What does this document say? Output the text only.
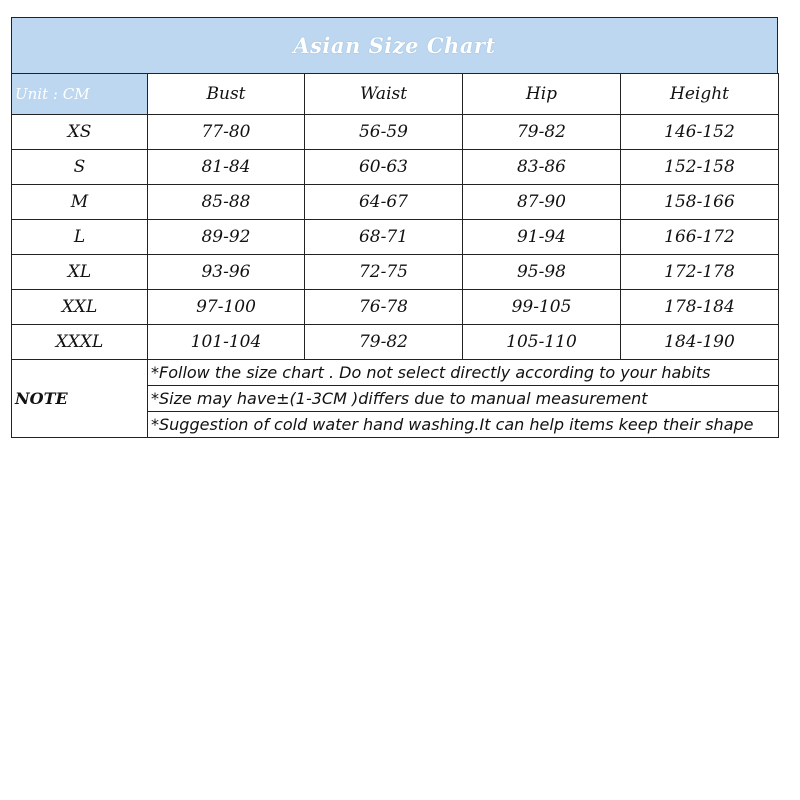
Asian Size Chart
Unit : CM	Bust	Waist	Hip	Height
XS	77-80	56-59	79-82	146-152
S	81-84	60-63	83-86	152-158
M	85-88	64-67	87-90	158-166
L	89-92	68-71	91-94	166-172
XL	93-96	72-75	95-98	172-178
XXL	97-100	76-78	99-105	178-184
XXXL	101-104	79-82	105-110	184-190
NOTE	*Follow the size chart . Do not select directly according to your habits			
	*Size may have±(1-3CM )differs due to manual measurement			
	*Suggestion of cold water hand washing.It can help items keep their shape			
